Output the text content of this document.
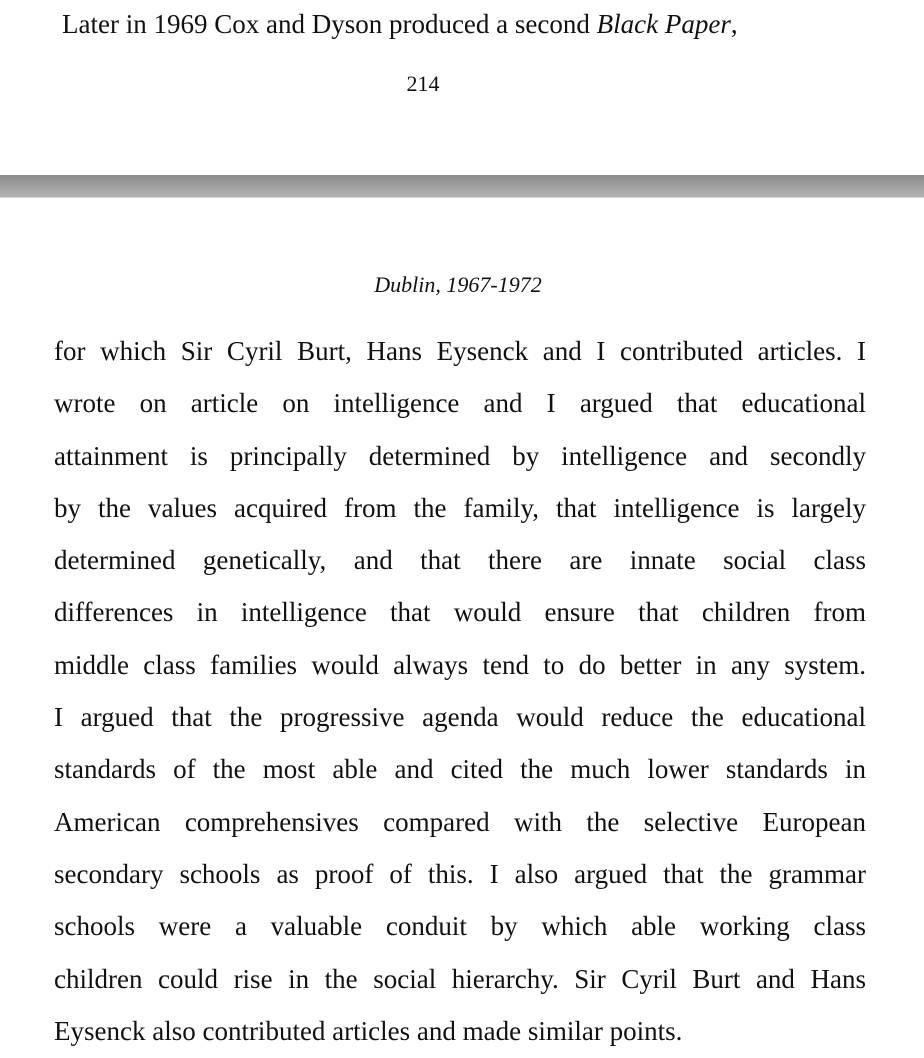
Later in 1969 Cox and Dyson produced a second Black Paper,
214
Dublin, 1967-1972

for which Sir Cyril Burt, Hans Eysenck and I contributed articles. I
wrote on article on intelligence and I argued that educational
attainment is principally determined by intelligence and secondly
by the values acquired from the family, that intelligence is largely
determined genetically, and that there are innate social class
differences in intelligence that would ensure that children from
middle class families would always tend to do better in any system.
I argued that the progressive agenda would reduce the educational
standards of the most able and cited the much lower standards in
American comprehensives compared with the selective European
secondary schools as proof of this. I also argued that the grammar
schools were a valuable conduit by which able working class
children could rise in the social hierarchy. Sir Cyril Burt and Hans
Eysenck also contributed articles and made similar points.
